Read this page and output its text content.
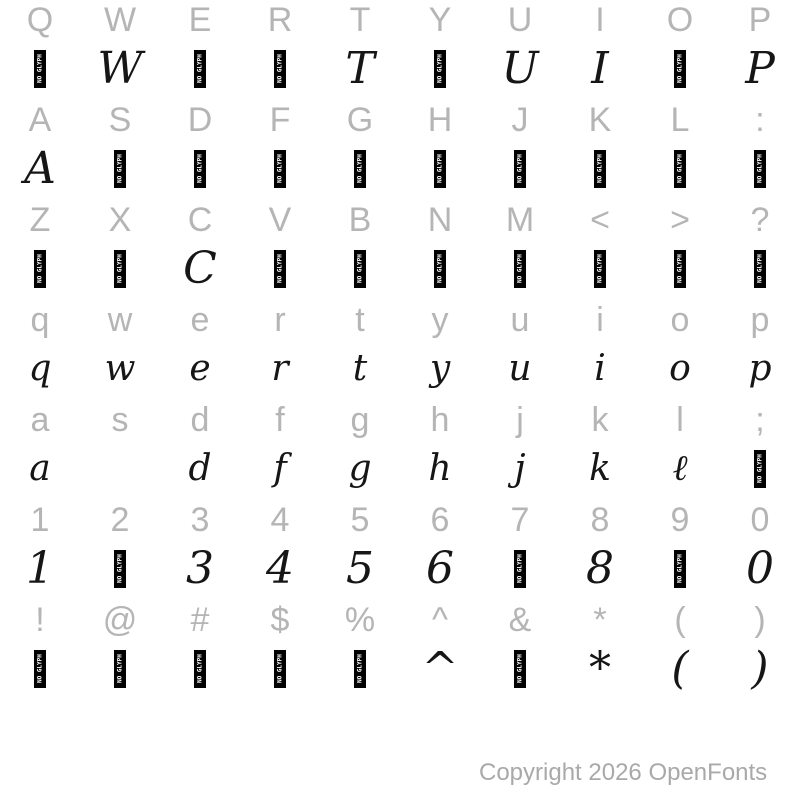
Q
NO GLYPH
W
W
E
NO GLYPH
R
NO GLYPH
T
T
Y
NO GLYPH
U
U
I
I
O
NO GLYPH
P
P
A
A
S
NO GLYPH
D
NO GLYPH
F
NO GLYPH
G
NO GLYPH
H
NO GLYPH
J
NO GLYPH
K
NO GLYPH
L
NO GLYPH
:
NO GLYPH
Z
NO GLYPH
X
NO GLYPH
C
C
V
NO GLYPH
B
NO GLYPH
N
NO GLYPH
M
NO GLYPH
<
NO GLYPH
>
NO GLYPH
?
NO GLYPH
q
q
w
w
e
e
r
r
t
t
y
y
u
u
i
i
o
o
p
p
a
a
s d
d
f
f
g
g
h
h
j
j
k
k
l
ℓ
;
NO GLYPH
1
1
2
NO GLYPH
3
3
4
4
5
5
6
6
7
NO GLYPH
8
8
9
NO GLYPH
0
0
!
NO GLYPH
@
NO GLYPH
#
NO GLYPH
$
NO GLYPH
%
NO GLYPH
^
^
&
NO GLYPH
*
*
(
(
)
)
Copyright 2026 OpenFonts
